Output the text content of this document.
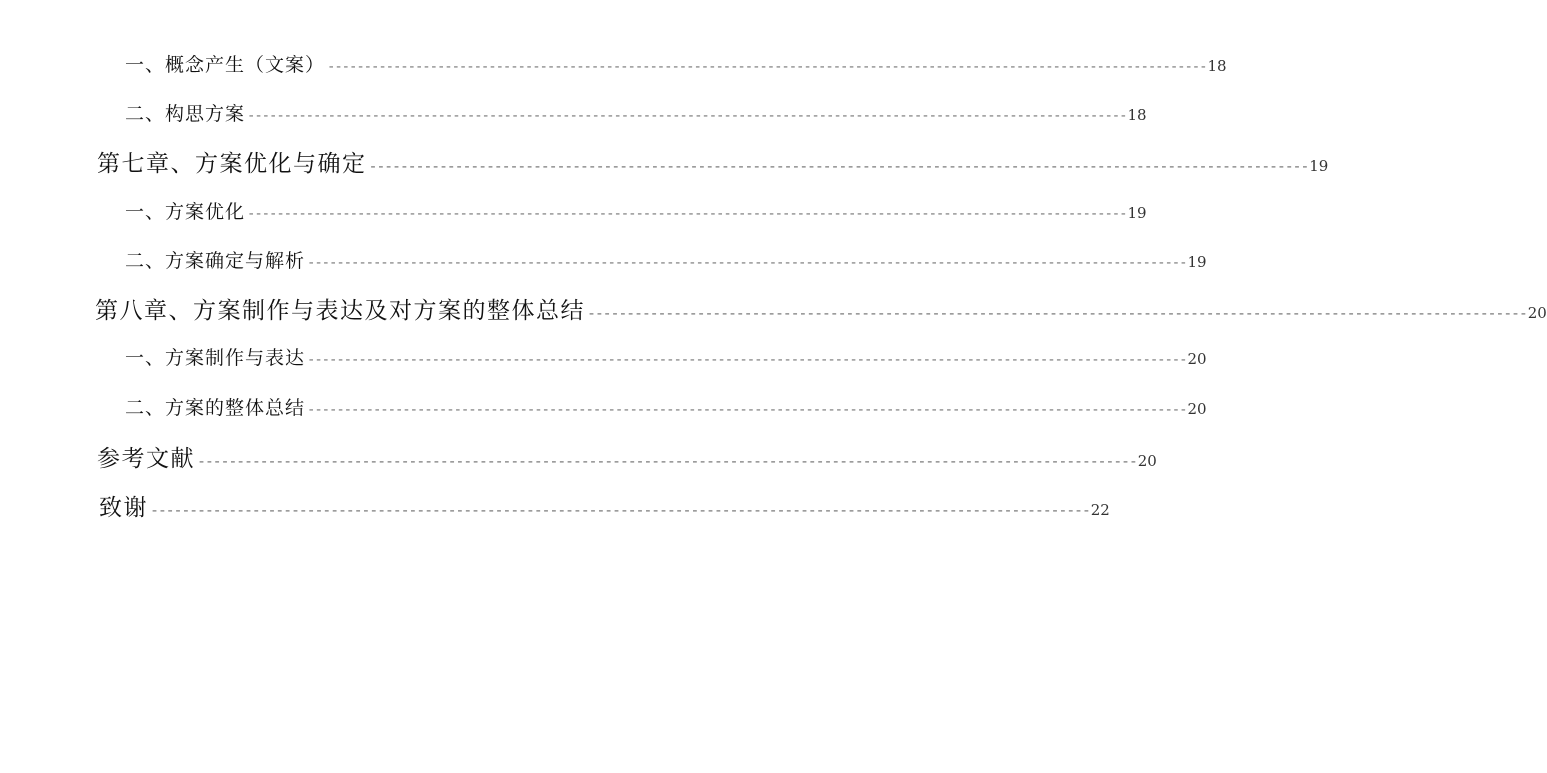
一、概念产生（文案） ------------------------------------------------------------------------------------------------------------------------ 18
二、构思方案 ------------------------------------------------------------------------------------------------------------------------ 18
第七章、方案优化与确定 ------------------------------------------------------------------------------------------------------------------------ 19
一、方案优化 ------------------------------------------------------------------------------------------------------------------------ 19
二、方案确定与解析 ------------------------------------------------------------------------------------------------------------------------ 19
第八章、方案制作与表达及对方案的整体总结 ------------------------------------------------------------------------------------------------------------------------ 20
一、方案制作与表达 ------------------------------------------------------------------------------------------------------------------------ 20
二、方案的整体总结 ------------------------------------------------------------------------------------------------------------------------ 20
参考文献 ------------------------------------------------------------------------------------------------------------------------ 20
致谢 ------------------------------------------------------------------------------------------------------------------------ 22
